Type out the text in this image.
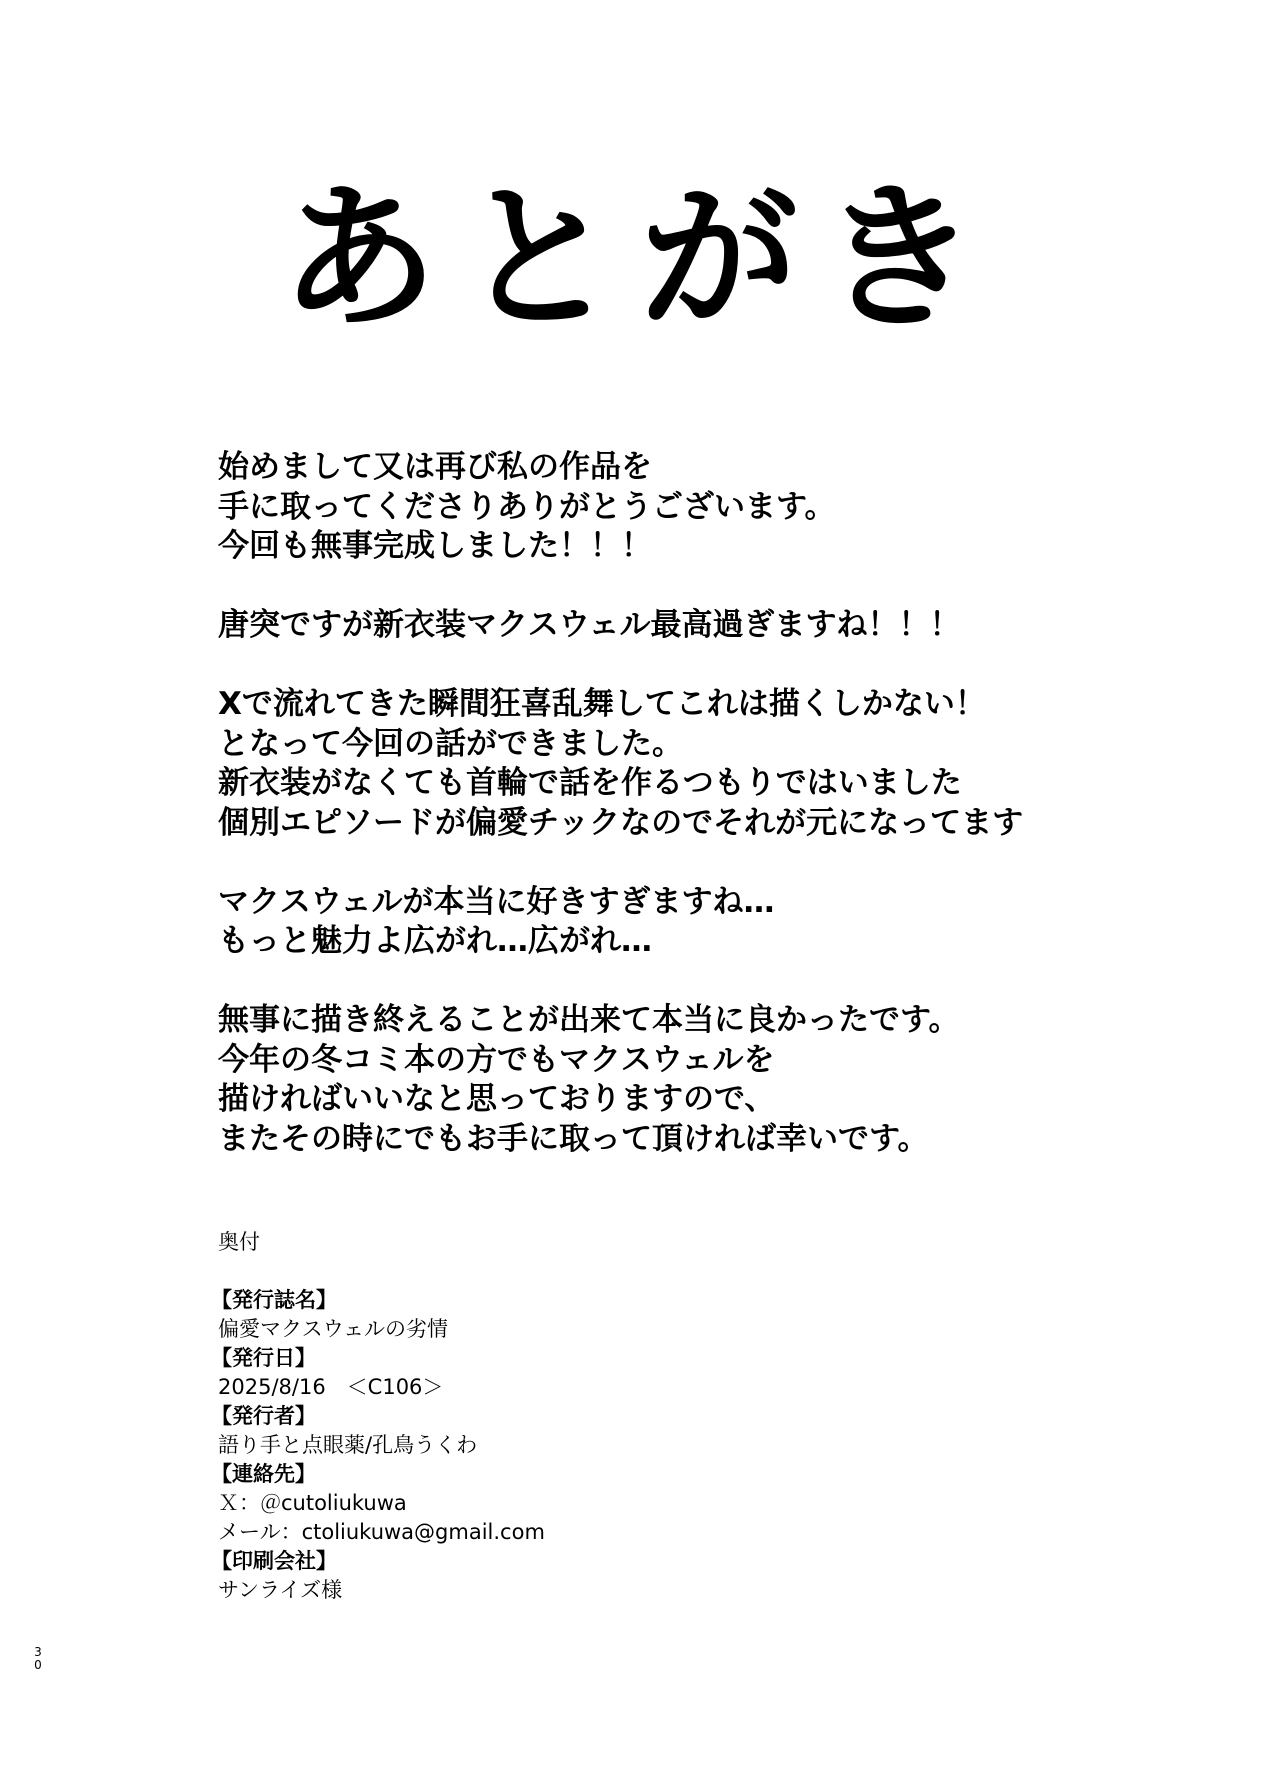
あとがき

始めまして又は再び私の作品を
手に取ってくださりありがとうございます。
今回も無事完成しました！！！

唐突ですが新衣装マクスウェル最高過ぎますね！！！

Xで流れてきた瞬間狂喜乱舞してこれは描くしかない！
となって今回の話ができました。
新衣装がなくても首輪で話を作るつもりではいました
個別エピソードが偏愛チックなのでそれが元になってます

マクスウェルが本当に好きすぎますね…
もっと魅力よ広がれ…広がれ…

無事に描き終えることが出来て本当に良かったです。
今年の冬コミ本の方でもマクスウェルを
描ければいいなと思っておりますので、
またその時にでもお手に取って頂ければ幸いです。

奥付
【発行誌名】
偏愛マクスウェルの劣情
【発行日】
2025/8/16　＜C106＞
【発行者】
語り手と点眼薬/孔鳥うくわ
【連絡先】
Ｘ：＠cutoliukuwa
メール：ctoliukuwa@gmail.com
【印刷会社】
サンライズ様
30
